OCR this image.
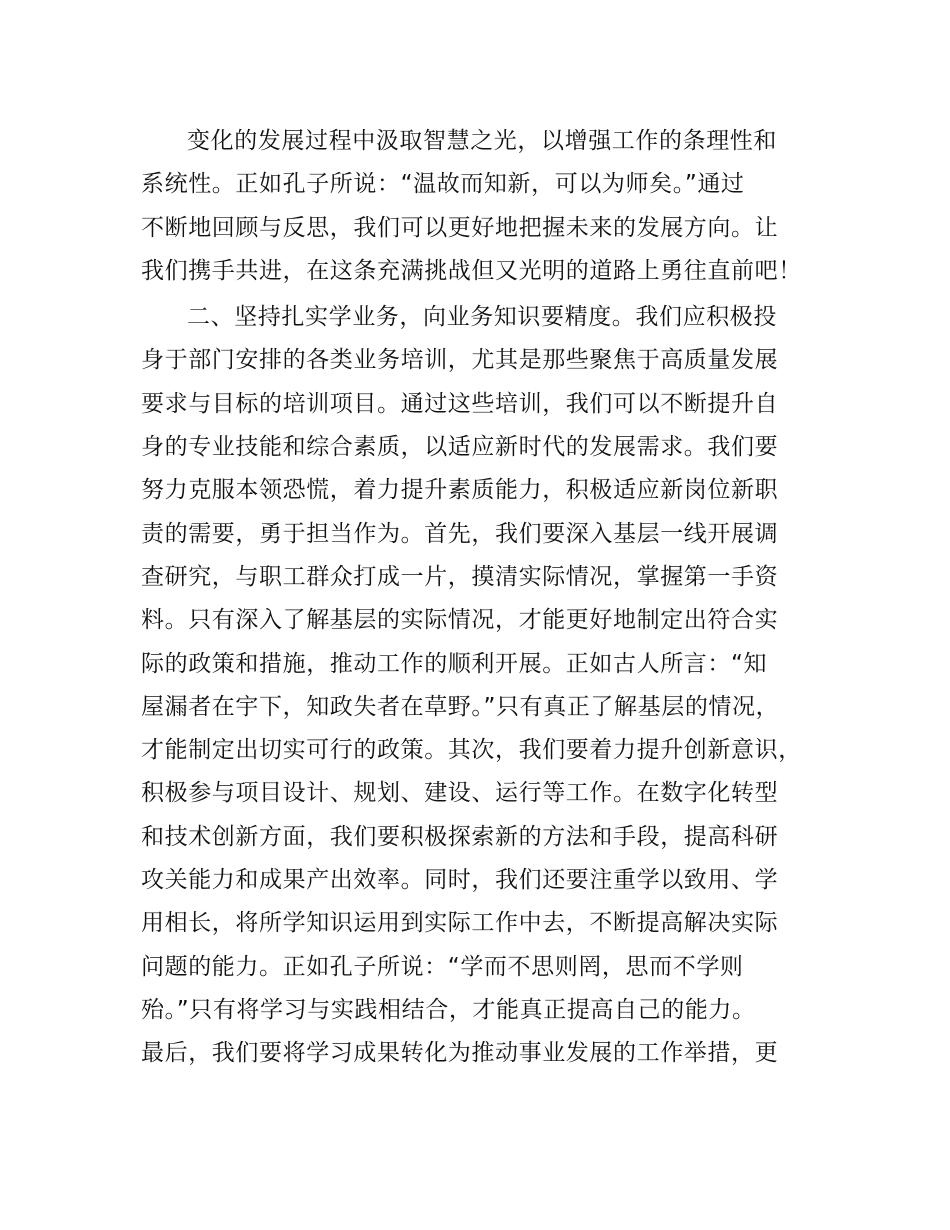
变化的发展过程中汲取智慧之光，以增强工作的条理性和
系统性。正如孔子所说：“温故而知新，可以为师矣。”通过
不断地回顾与反思，我们可以更好地把握未来的发展方向。让
我们携手共进，在这条充满挑战但又光明的道路上勇往直前吧！
二、坚持扎实学业务，向业务知识要精度。我们应积极投
身于部门安排的各类业务培训，尤其是那些聚焦于高质量发展
要求与目标的培训项目。通过这些培训，我们可以不断提升自
身的专业技能和综合素质，以适应新时代的发展需求。我们要
努力克服本领恐慌，着力提升素质能力，积极适应新岗位新职
责的需要，勇于担当作为。首先，我们要深入基层一线开展调
查研究，与职工群众打成一片，摸清实际情况，掌握第一手资
料。只有深入了解基层的实际情况，才能更好地制定出符合实
际的政策和措施，推动工作的顺利开展。正如古人所言：“知
屋漏者在宇下，知政失者在草野。”只有真正了解基层的情况，
才能制定出切实可行的政策。其次，我们要着力提升创新意识，
积极参与项目设计、规划、建设、运行等工作。在数字化转型
和技术创新方面，我们要积极探索新的方法和手段，提高科研
攻关能力和成果产出效率。同时，我们还要注重学以致用、学
用相长，将所学知识运用到实际工作中去，不断提高解决实际
问题的能力。正如孔子所说：“学而不思则罔，思而不学则
殆。”只有将学习与实践相结合，才能真正提高自己的能力。
最后，我们要将学习成果转化为推动事业发展的工作举措，更
